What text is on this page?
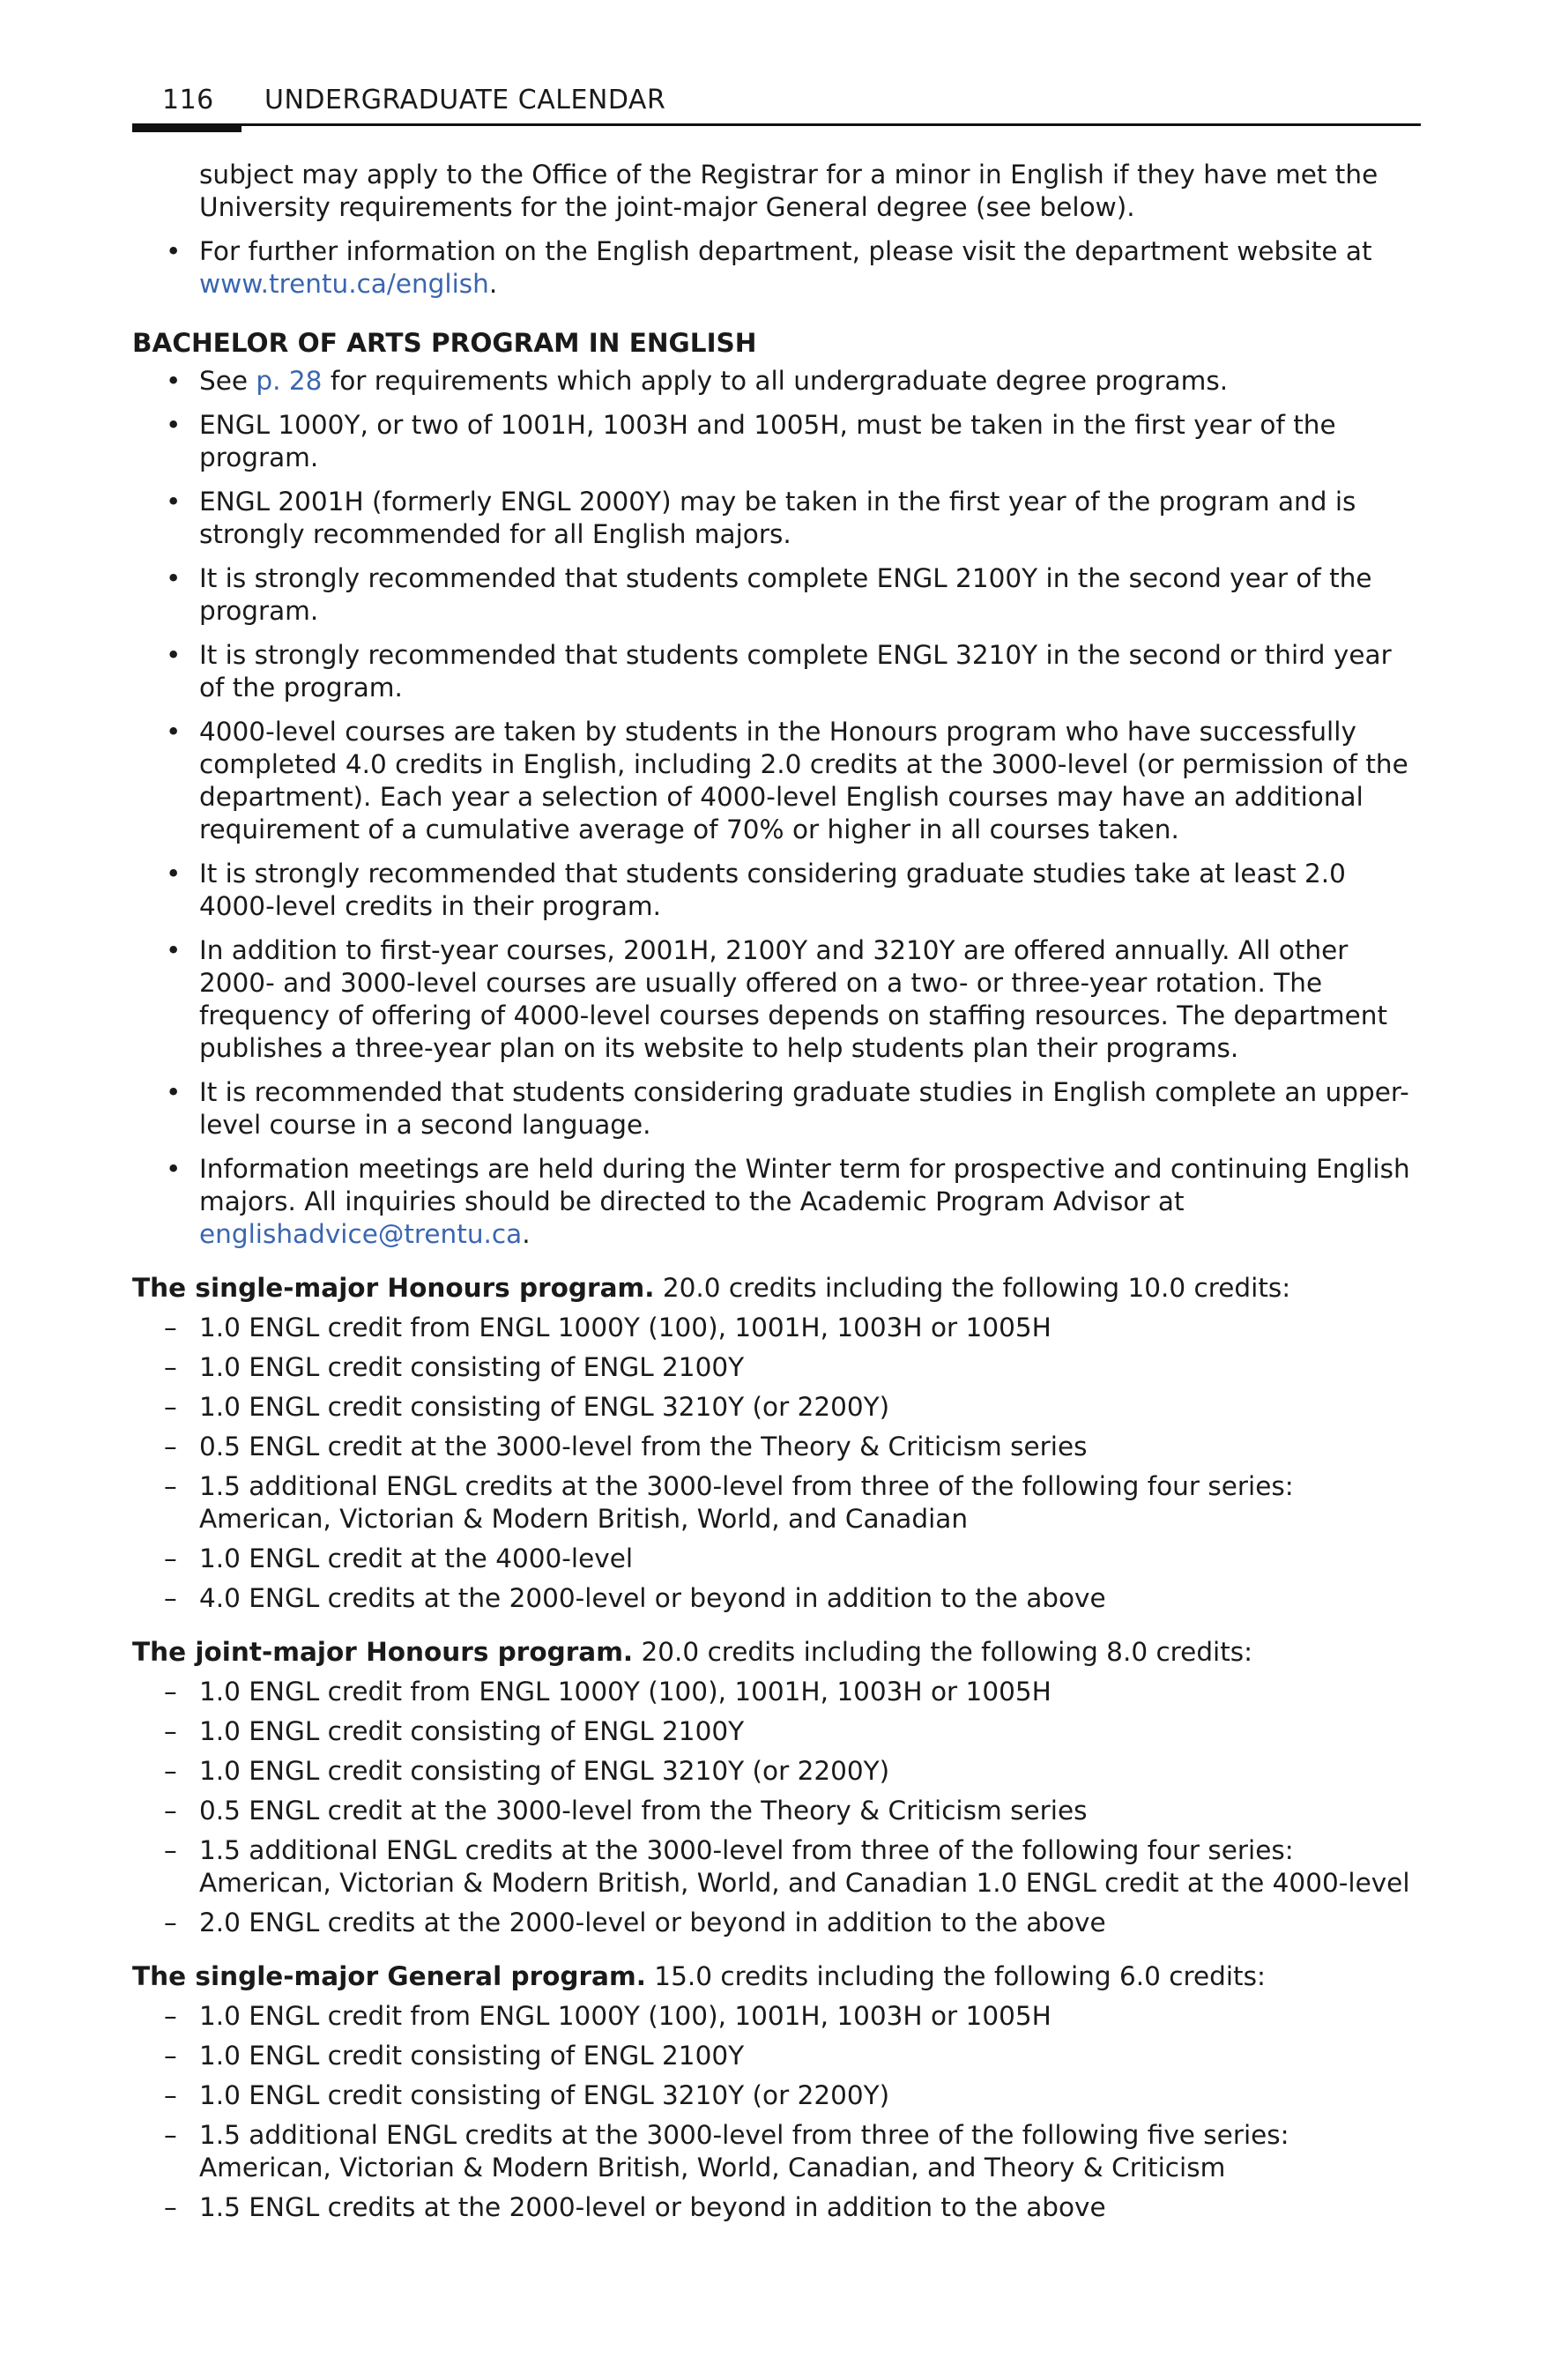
116 UNDERGRADUATE CALENDAR
subject may apply to the Office of the Registrar for a minor in English if they have met the University requirements for the joint-major General degree (see below).
• For further information on the English department, please visit the department website at www.trentu.ca/english.
BACHELOR OF ARTS PROGRAM IN ENGLISH
• See p. 28 for requirements which apply to all undergraduate degree programs.
• ENGL 1000Y, or two of 1001H, 1003H and 1005H, must be taken in the first year of the program.
• ENGL 2001H (formerly ENGL 2000Y) may be taken in the first year of the program and is strongly recommended for all English majors.
• It is strongly recommended that students complete ENGL 2100Y in the second year of the program.
• It is strongly recommended that students complete ENGL 3210Y in the second or third year of the program.
• 4000-level courses are taken by students in the Honours program who have successfully completed 4.0 credits in English, including 2.0 credits at the 3000-level (or permission of the department). Each year a selection of 4000-level English courses may have an additional requirement of a cumulative average of 70% or higher in all courses taken.
• It is strongly recommended that students considering graduate studies take at least 2.0 4000-level credits in their program.
• In addition to first-year courses, 2001H, 2100Y and 3210Y are offered annually. All other 2000- and 3000-level courses are usually offered on a two- or three-year rotation. The frequency of offering of 4000-level courses depends on staffing resources. The department publishes a three-year plan on its website to help students plan their programs.
• It is recommended that students considering graduate studies in English complete an upper-level course in a second language.
• Information meetings are held during the Winter term for prospective and continuing English majors. All inquiries should be directed to the Academic Program Advisor at englishadvice@trentu.ca.
The single-major Honours program. 20.0 credits including the following 10.0 credits:
– 1.0 ENGL credit from ENGL 1000Y (100), 1001H, 1003H or 1005H
– 1.0 ENGL credit consisting of ENGL 2100Y
– 1.0 ENGL credit consisting of ENGL 3210Y (or 2200Y)
– 0.5 ENGL credit at the 3000-level from the Theory & Criticism series
– 1.5 additional ENGL credits at the 3000-level from three of the following four series: American, Victorian & Modern British, World, and Canadian
– 1.0 ENGL credit at the 4000-level
– 4.0 ENGL credits at the 2000-level or beyond in addition to the above
The joint-major Honours program. 20.0 credits including the following 8.0 credits:
– 1.0 ENGL credit from ENGL 1000Y (100), 1001H, 1003H or 1005H
– 1.0 ENGL credit consisting of ENGL 2100Y
– 1.0 ENGL credit consisting of ENGL 3210Y (or 2200Y)
– 0.5 ENGL credit at the 3000-level from the Theory & Criticism series
– 1.5 additional ENGL credits at the 3000-level from three of the following four series: American, Victorian & Modern British, World, and Canadian 1.0 ENGL credit at the 4000-level
– 2.0 ENGL credits at the 2000-level or beyond in addition to the above
The single-major General program. 15.0 credits including the following 6.0 credits:
– 1.0 ENGL credit from ENGL 1000Y (100), 1001H, 1003H or 1005H
– 1.0 ENGL credit consisting of ENGL 2100Y
– 1.0 ENGL credit consisting of ENGL 3210Y (or 2200Y)
– 1.5 additional ENGL credits at the 3000-level from three of the following five series: American, Victorian & Modern British, World, Canadian, and Theory & Criticism
– 1.5 ENGL credits at the 2000-level or beyond in addition to the above
